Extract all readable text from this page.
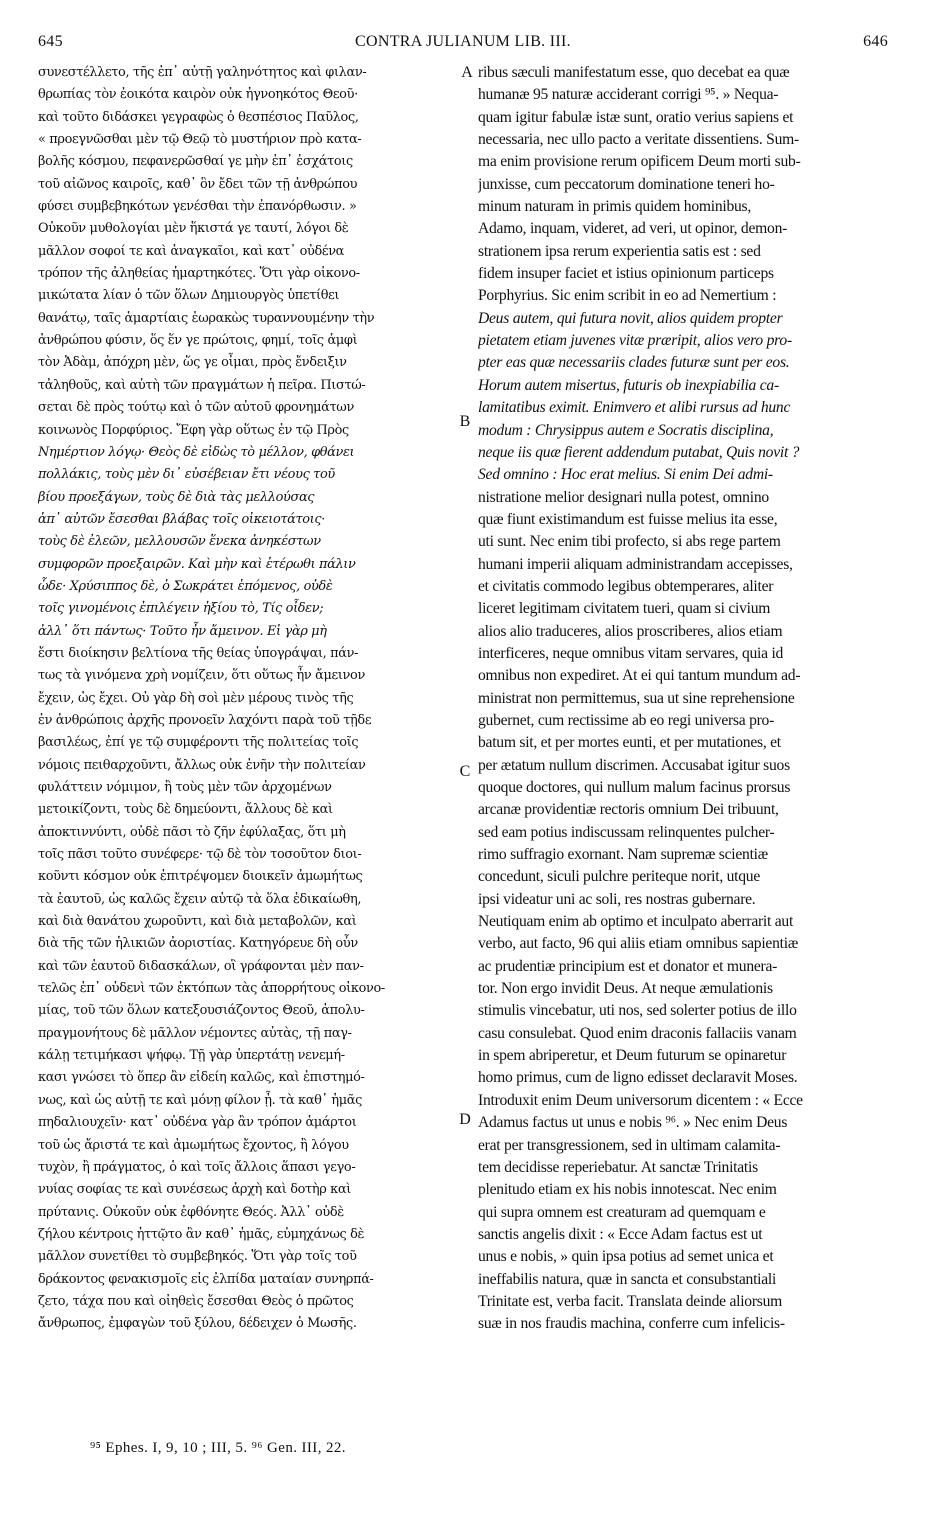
CONTRA JULIANUM LIB. III.
645	646
συνεστέλλετο, τῆς ἐπ᾽ αὐτῇ γαληνότητος καὶ φιλαν-
θρωπίας τὸν ἐοικότα καιρὸν οὐκ ἠγνοηκότος Θεοῦ·
καὶ τοῦτο διδάσκει γεγραφὼς ὁ θεσπέσιος Παῦλος,
« προεγνῶσθαι μὲν τῷ Θεῷ τὸ μυστήριον πρὸ κατα-
βολῆς κόσμου, πεφανερῶσθαί γε μὴν ἐπ᾽ ἐσχάτοις
τοῦ αἰῶνος καιροῖς, καθ᾽ ὃν ἔδει τῶν τῇ ἀνθρώπου
φύσει συμβεβηκότων γενέσθαι τὴν ἐπανόρθωσιν. »
Οὐκοῦν μυθολογίαι μὲν ἥκιστά γε ταυτί, λόγοι δὲ
μᾶλλον σοφοί τε καὶ ἀναγκαῖοι, καὶ κατ᾽ οὐδένα
τρόπον τῆς ἀληθείας ἡμαρτηκότες. Ὅτι γὰρ οἰκονο-
μικώτατα λίαν ὁ τῶν ὅλων Δημιουργὸς ὑπετίθει
θανάτῳ, ταῖς ἁμαρτίαις ἑωρακὼς τυραννουμένην τὴν
ἀνθρώπου φύσιν, ὅς ἕν γε πρώτοις, φημί, τοῖς ἀμφὶ
τὸν Ἀδὰμ, ἀπόχρη μὲν, ὥς γε οἶμαι, πρὸς ἔνδειξιν
τἀληθοῦς, καὶ αὐτὴ τῶν πραγμάτων ἡ πεῖρα. Πιστώ-
σεται δὲ πρὸς τούτῳ καὶ ὁ τῶν αὐτοῦ φρονημάτων
κοινωνὸς Πορφύριος. Ἔφη γὰρ οὕτως ἐν τῷ Πρὸς
Νημέρτιον λόγῳ· Θεὸς δὲ εἰδὼς τὸ μέλλον, φθάνει
πολλάκις, τοὺς μὲν δι᾽ εὐσέβειαν ἔτι νέους τοῦ
βίου προεξάγων, τοὺς δὲ διὰ τὰς μελλούσας
ἀπ᾽ αὐτῶν ἔσεσθαι βλάβας τοῖς οἰκειοτάτοις·
τοὺς δὲ ἐλεῶν, μελλουσῶν ἕνεκα ἀνηκέστων
συμφορῶν προεξαιρῶν. Καὶ μὴν καὶ ἑτέρωθι πάλιν
ὧδε· Χρύσιππος δὲ, ὁ Σωκράτει ἑπόμενος, οὐδὲ
τοῖς γινομένοις ἐπιλέγειν ἠξίου τὸ, Τίς οἶδεν;
ἀλλ᾽ ὅτι πάντως· Τοῦτο ἦν ἄμεινον. Εἰ γὰρ μὴ
ἔστι διοίκησιν βελτίονα τῆς θείας ὑπογράψαι, πάν-
τως τὰ γινόμενα χρὴ νομίζειν, ὅτι οὕτως ἦν ἄμεινον
ἔχειν, ὡς ἔχει. Οὐ γὰρ δὴ σοὶ μὲν μέρους τινὸς τῆς
ἐν ἀνθρώποις ἀρχῆς προνοεῖν λαχόντι παρὰ τοῦ τῇδε
βασιλέως, ἐπί γε τῷ συμφέροντι τῆς πολιτείας τοῖς
νόμοις πειθαρχοῦντι, ἄλλως οὐκ ἐνῆν τὴν πολιτείαν
φυλάττειν νόμιμον, ἢ τοὺς μὲν τῶν ἀρχομένων
μετοικίζοντι, τοὺς δὲ δημεύοντι, ἄλλους δὲ καὶ
ἀποκτιννύντι, οὐδὲ πᾶσι τὸ ζῆν ἐφύλαξας, ὅτι μὴ
τοῖς πᾶσι τοῦτο συνέφερε· τῷ δὲ τὸν τοσοῦτον διοι-
κοῦντι κόσμον οὐκ ἐπιτρέψομεν διοικεῖν ἀμωμήτως
τὰ ἑαυτοῦ, ὡς καλῶς ἔχειν αὐτῷ τὰ ὅλα ἐδικαίωθη,
καὶ διὰ θανάτου χωροῦντι, καὶ διὰ μεταβολῶν, καὶ
διὰ τῆς τῶν ἡλικιῶν ἀοριστίας. Κατηγόρευε δὴ οὖν
καὶ τῶν ἑαυτοῦ διδασκάλων, οἳ γράφονται μὲν παν-
τελῶς ἐπ᾽ οὐδενὶ τῶν ἐκτόπων τὰς ἀπορρήτους οἰκονο-
μίας, τοῦ τῶν ὅλων κατεξουσιάζοντος Θεοῦ, ἀπολυ-
πραγμονήτους δὲ μᾶλλον νέμοντες αὐτὰς, τῇ παγ-
κάλῃ τετιμήκασι ψήφῳ. Τῇ γὰρ ὑπερτάτῃ νενεμή-
κασι γνώσει τὸ ὅπερ ἂν εἰδείη καλῶς, καὶ ἐπιστημό-
νως, καὶ ὡς αὐτῇ τε καὶ μόνῃ φίλον ᾖ. τὰ καθ᾽ ἡμᾶς
πηδαλιουχεῖν· κατ᾽ οὐδένα γὰρ ἂν τρόπον ἁμάρτοι
τοῦ ὡς ἄριστά τε καὶ ἀμωμήτως ἔχοντος, ἢ λόγου
τυχὸν, ἢ πράγματος, ὁ καὶ τοῖς ἄλλοις ἅπασι γεγο-
νυίας σοφίας τε καὶ συνέσεως ἀρχὴ καὶ δοτὴρ καὶ
πρύτανις. Οὐκοῦν οὐκ ἐφθόνητε Θεός. Ἀλλ᾽ οὐδὲ
ζήλου κέντροις ἡττῷτο ἂν καθ᾽ ἡμᾶς, εὐμηχάνως δὲ
μᾶλλον συνετίθει τὸ συμβεβηκός. Ὅτι γὰρ τοῖς τοῦ
δράκοντος φενακισμοῖς εἰς ἐλπίδα ματαίαν συνηρπά-
ζετο, τάχα που καὶ οἰηθεὶς ἔσεσθαι Θεὸς ὁ πρῶτος
ἄνθρωπος, ἐμφαγὼν τοῦ ξύλου, δέδειχεν ὁ Μωσῆς.
ribus sæculi manifestatum esse, quo decebat ea quæ
humanæ 95 naturæ acciderant corrigi ⁹⁵. » Nequa-
quam igitur fabulæ istæ sunt, oratio verius sapiens et
necessaria, nec ullo pacto a veritate dissentiens. Sum-
ma enim provisione rerum opificem Deum morti sub-
junxisse, cum peccatorum dominatione teneri ho-
minum naturam in primis quidem hominibus,
Adamo, inquam, videret, ad veri, ut opinor, demon-
strationem ipsa rerum experientia satis est : sed
fidem insuper faciet et istius opinionum particeps
Porphyrius. Sic enim scribit in eo ad Nemertium :
Deus autem, qui futura novit, alios quidem propter
pietatem etiam juvenes vitæ præripit, alios vero pro-
pter eas quæ necessariis clades futuræ sunt per eos.
Horum autem misertus, futuris ob inexpiabilia ca-
lamitatibus eximit. Enimvero et alibi rursus ad hunc
modum : Chrysippus autem e Socratis disciplina,
neque iis quæ fierent addendum putabat, Quis novit ?
Sed omnino : Hoc erat melius. Si enim Dei admi-
nistratione melior designari nulla potest, omnino
quæ fiunt existimandum est fuisse melius ita esse,
uti sunt. Nec enim tibi profecto, si abs rege partem
humani imperii aliquam administrandam accepisses,
et civitatis commodo legibus obtemperares, aliter
liceret legitimam civitatem tueri, quam si civium
alios alio traduceres, alios proscriberes, alios etiam
interficeres, neque omnibus vitam servares, quia id
omnibus non expediret. At ei qui tantum mundum ad-
ministrat non permittemus, sua ut sine reprehensione
gubernet, cum rectissime ab eo regi universa pro-
batum sit, et per mortes eunti, et per mutationes, et
per ætatum nullum discrimen. Accusabat igitur suos
quoque doctores, qui nullum malum facinus prorsus
arcanæ providentiæ rectoris omnium Dei tribuunt,
sed eam potius indiscussam relinquentes pulcher-
rimo suffragio exornant. Nam supremæ scientiæ
concedunt, siculi pulchre periteque norit, utque
ipsi videatur uni ac soli, res nostras gubernare.
Neutiquam enim ab optimo et inculpato aberrarit aut
verbo, aut facto, 96 qui aliis etiam omnibus sapientiæ
ac prudentiæ principium est et donator et munera-
tor. Non ergo invidit Deus. At neque æmulationis
stimulis vincebatur, uti nos, sed solerter potius de illo
casu consulebat. Quod enim draconis fallaciis vanam
in spem abriperetur, et Deum futurum se opinaretur
homo primus, cum de ligno edisset declaravit Moses.
Introduxit enim Deum universorum dicentem : « Ecce
Adamus factus ut unus e nobis ⁹⁶. » Nec enim Deus
erat per transgressionem, sed in ultimam calamita-
tem decidisse reperiebatur. At sanctæ Trinitatis
plenitudo etiam ex his nobis innotescat. Nec enim
qui supra omnem est creaturam ad quemquam e
sanctis angelis dixit : « Ecce Adam factus est ut
unus e nobis, » quin ipsa potius ad semet unica et
ineffabilis natura, quæ in sancta et consubstantiali
Trinitate est, verba facit. Translata deinde aliorsum
suæ in nos fraudis machina, conferre cum infelicis-
A
B
C
D
⁹⁵ Ephes. I, 9, 10 ; III, 5. ⁹⁶ Gen. III, 22.
